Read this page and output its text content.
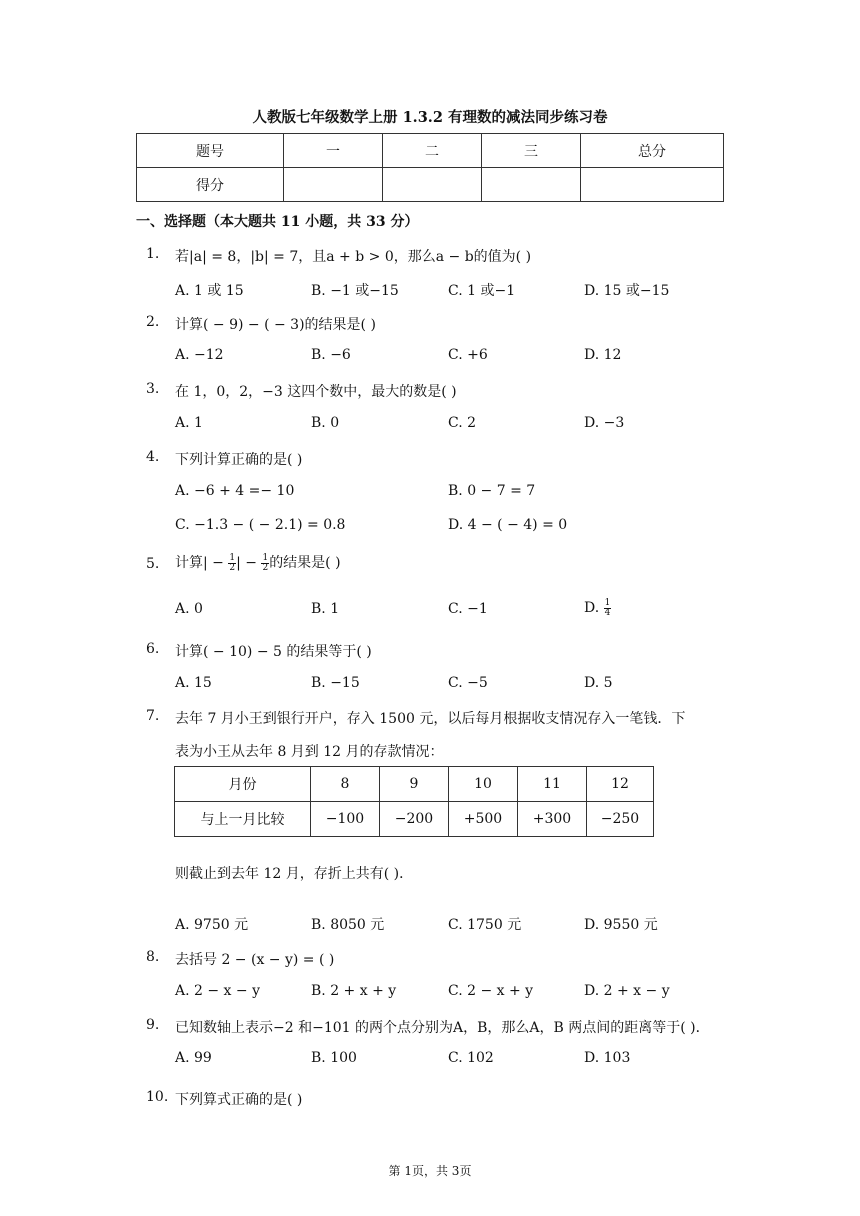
人教版七年级数学上册 1.3.2 有理数的减法同步练习卷
题号	一	二	三	总分
得分				
一、选择题（本大题共 11 小题，共 33 分）
1. 若|a| = 8，|b| = 7，且a + b > 0，那么a − b的值为( )
A. 1 或 15	B. −1 或−15	C. 1 或−1	D. 15 或−15
2. 计算( − 9) − ( − 3)的结果是( )
A. −12	B. −6	C. +6	D. 12
3. 在 1，0，2，−3 这四个数中，最大的数是( )
A. 1	B. 0	C. 2	D. −3
4. 下列计算正确的是( )
A. −6 + 4 =− 10	B. 0 − 7 = 7
C. −1.3 − ( − 2.1) = 0.8	D. 4 − ( − 4) = 0
5. 计算| − $\frac{1}{2}$ | − $\frac{1}{2}$ 的结果是( )
A. 0	B. 1	C. −1	D. $\frac{1}{4}$
6. 计算( − 10) − 5 的结果等于( )
A. 15	B. −15	C. −5	D. 5
7. 去年 7 月小王到银行开户，存入 1500 元，以后每月根据收支情况存入一笔钱．下
表为小王从去年 8 月到 12 月的存款情况：
月份	8	9	10	11	12
与上一月比较	−100	−200	+500	+300	−250
则截止到去年 12 月，存折上共有( )．
A. 9750 元	B. 8050 元	C. 1750 元	D. 9550 元
8. 去括号 2 − (x − y) = ( )
A. 2 − x − y	B. 2 + x + y	C. 2 − x + y	D. 2 + x − y
9. 已知数轴上表示−2 和−101 的两个点分别为A，B，那么A，B 两点间的距离等于( )．
A. 99	B. 100	C. 102	D. 103
10. 下列算式正确的是( )
第 1页，共 3页
